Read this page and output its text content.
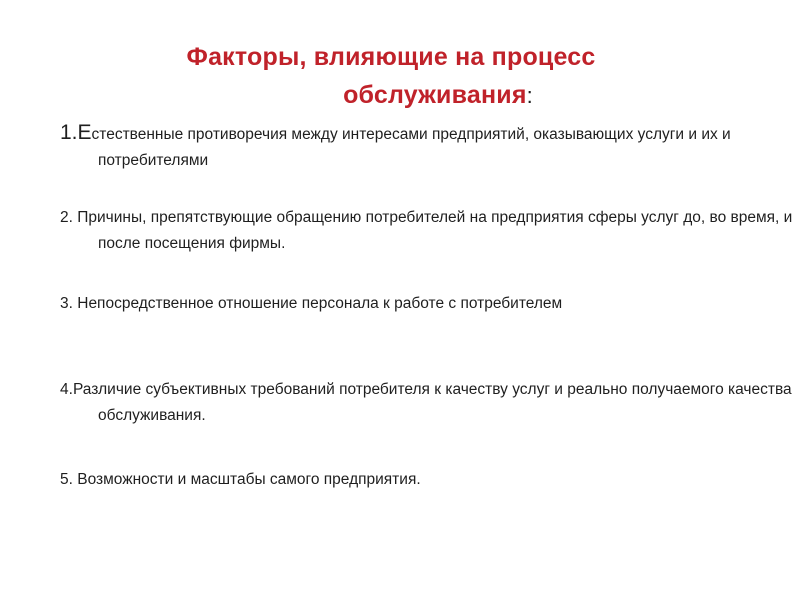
Факторы, влияющие на процесс
обслуживания:
1.Естественные противоречия между интересами предприятий, оказывающих услуги и их и потребителями
2. Причины, препятствующие обращению потребителей на предприятия сферы услуг до, во время, и после посещения фирмы.
3. Непосредственное отношение персонала к работе с потребителем
4.Различие субъективных требований потребителя к качеству услуг и реально получаемого качества обслуживания.
5. Возможности и масштабы самого предприятия.
